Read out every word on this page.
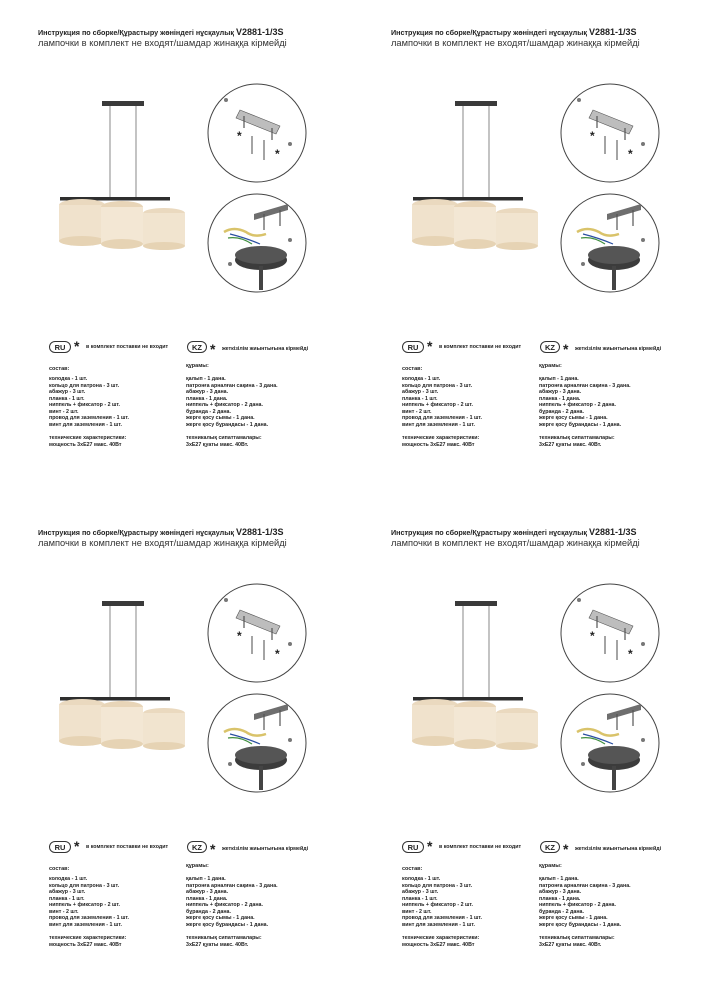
Инструкция по сборке/Құрастыру жөніндегі нұсқаулық V2881-1/3S
лампочки в комплект не входят/шамдар жинаққа кірмейді
*
*
RU * в комплект поставки не входит	KZ * жеткізілім жиынтығына кірмейді
состав:
колодка - 1 шт.
кольцо для патрона - 3 шт.
абажур - 3 шт.
планка - 1 шт.
ниппель + фиксатор - 2 шт.
винт - 2 шт.
провод для заземления - 1 шт.
винт для заземления - 1 шт.
технические характеристики:
мощность 3xE27 макс. 40Вт
құрамы:
қалып - 1 дана.
патронға арналған сақина - 3 дана.
абажур - 3 дана.
планка - 1 дана.
ниппель + фиксатор - 2 дана.
бұранда - 2 дана.
жерге қосу сымы - 1 дана.
жерге қосу бұрандасы - 1 дана.
техникалық сипаттамалары:
3xE27 қуаты макс. 40Вт.
Инструкция по сборке/Құрастыру жөніндегі нұсқаулық V2881-1/3S
лампочки в комплект не входят/шамдар жинаққа кірмейді
*
*
RU * в комплект поставки не входит	KZ * жеткізілім жиынтығына кірмейді
состав:
колодка - 1 шт.
кольцо для патрона - 3 шт.
абажур - 3 шт.
планка - 1 шт.
ниппель + фиксатор - 2 шт.
винт - 2 шт.
провод для заземления - 1 шт.
винт для заземления - 1 шт.
технические характеристики:
мощность 3xE27 макс. 40Вт
құрамы:
қалып - 1 дана.
патронға арналған сақина - 3 дана.
абажур - 3 дана.
планка - 1 дана.
ниппель + фиксатор - 2 дана.
бұранда - 2 дана.
жерге қосу сымы - 1 дана.
жерге қосу бұрандасы - 1 дана.
техникалық сипаттамалары:
3xE27 қуаты макс. 40Вт.
Инструкция по сборке/Құрастыру жөніндегі нұсқаулық V2881-1/3S
лампочки в комплект не входят/шамдар жинаққа кірмейді
*
*
RU * в комплект поставки не входит	KZ * жеткізілім жиынтығына кірмейді
состав:
колодка - 1 шт.
кольцо для патрона - 3 шт.
абажур - 3 шт.
планка - 1 шт.
ниппель + фиксатор - 2 шт.
винт - 2 шт.
провод для заземления - 1 шт.
винт для заземления - 1 шт.
технические характеристики:
мощность 3xE27 макс. 40Вт
құрамы:
қалып - 1 дана.
патронға арналған сақина - 3 дана.
абажур - 3 дана.
планка - 1 дана.
ниппель + фиксатор - 2 дана.
бұранда - 2 дана.
жерге қосу сымы - 1 дана.
жерге қосу бұрандасы - 1 дана.
техникалық сипаттамалары:
3xE27 қуаты макс. 40Вт.
Инструкция по сборке/Құрастыру жөніндегі нұсқаулық V2881-1/3S
лампочки в комплект не входят/шамдар жинаққа кірмейді
*
*
RU * в комплект поставки не входит	KZ * жеткізілім жиынтығына кірмейді
состав:
колодка - 1 шт.
кольцо для патрона - 3 шт.
абажур - 3 шт.
планка - 1 шт.
ниппель + фиксатор - 2 шт.
винт - 2 шт.
провод для заземления - 1 шт.
винт для заземления - 1 шт.
технические характеристики:
мощность 3xE27 макс. 40Вт
құрамы:
қалып - 1 дана.
патронға арналған сақина - 3 дана.
абажур - 3 дана.
планка - 1 дана.
ниппель + фиксатор - 2 дана.
бұранда - 2 дана.
жерге қосу сымы - 1 дана.
жерге қосу бұрандасы - 1 дана.
техникалық сипаттамалары:
3xE27 қуаты макс. 40Вт.
